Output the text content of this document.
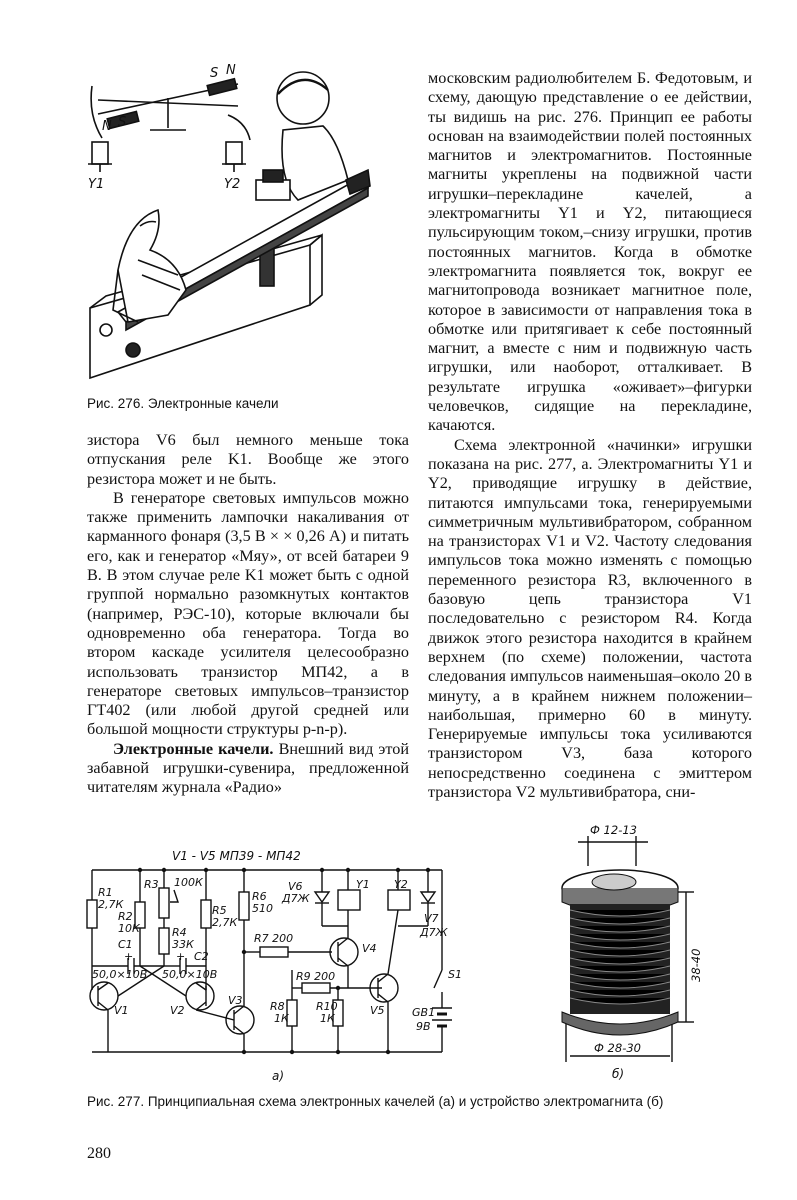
N S
S N
Y1	Y2
Рис. 276. Электронные качели

московским радиолюбителем Б. Федотовым, и схему, дающую представление о ее действии, ты видишь на рис. 276. Принцип ее работы основан на взаимодействии полей постоянных магнитов и электромагнитов. Постоянные магниты укреплены на подвижной части игрушки–перекладине качелей, а электромагниты Y1 и Y2, питающиеся пульсирующим током,–снизу игрушки, против постоянных магнитов. Когда в обмотке электромагнита появляется ток, вокруг ее магнитопровода возникает магнитное поле, которое в зависимости от направления тока в обмотке или притягивает к себе постоянный магнит, а вместе с ним и подвижную часть игрушки, или наоборот, отталкивает. В результате игрушка «оживает»–фигурки человечков, сидящие на перекладине, качаются.

Схема электронной «начинки» игрушки показана на рис. 277, а. Электромагниты Y1 и Y2, приводящие игрушку в действие, питаются импульсами тока, генерируемыми симметричным мультивибратором, собранном на транзисторах V1 и V2. Частоту следования импульсов тока можно изменять с помощью переменного резистора R3, включенного в базовую цепь транзистора V1 последовательно с резистором R4. Когда движок этого резистора находится в крайнем верхнем (по схеме) положении, частота следования импульсов наименьшая–около 20 в минуту, а в крайнем нижнем положении–наибольшая, примерно 60 в минуту. Генерируемые импульсы тока усиливаются транзистором V3, база которого непосредственно соединена с эмиттером транзистора V2 мультивибратора, сни-

зистора V6 был немного меньше тока отпускания реле K1. Вообще же этого резистора может и не быть.

В генераторе световых импульсов можно также применить лампочки накаливания от карманного фонаря (3,5 В × × 0,26 А) и питать его, как и генератор «Мяу», от всей батареи 9 В. В этом случае реле K1 может быть с одной группой нормально разомкнутых контактов (например, РЭС-10), которые включали бы одновременно оба генератора. Тогда во втором каскаде усилителя целесообразно использовать транзистор МП42, а в генераторе световых импульсов–транзистор ГТ402 (или любой другой средней или большой мощности структуры p-n-p).

Электронные качели. Внешний вид этой забавной игрушки-сувенира, предложенной читателям журнала «Радио»

V1 - V5 МП39 - МП42
R1
2,7К
R2
10К
R3 100К
R4
33К
R5
2,7К
R6
510
R7 200
R9 200
R8
1К
R10
1К
C1
50,0×10В
C2
50,0×10В
+	+
V1	V2
V3
V4
V5
V6
Д7Ж
V7
Д7Ж
Y1 Y2
S1
GB1
9В
а)
Ф 12-13
38-40
Ф 28-30
б)
Рис. 277. Принципиальная схема электронных качелей (а) и устройство электромагнита (б)
280
